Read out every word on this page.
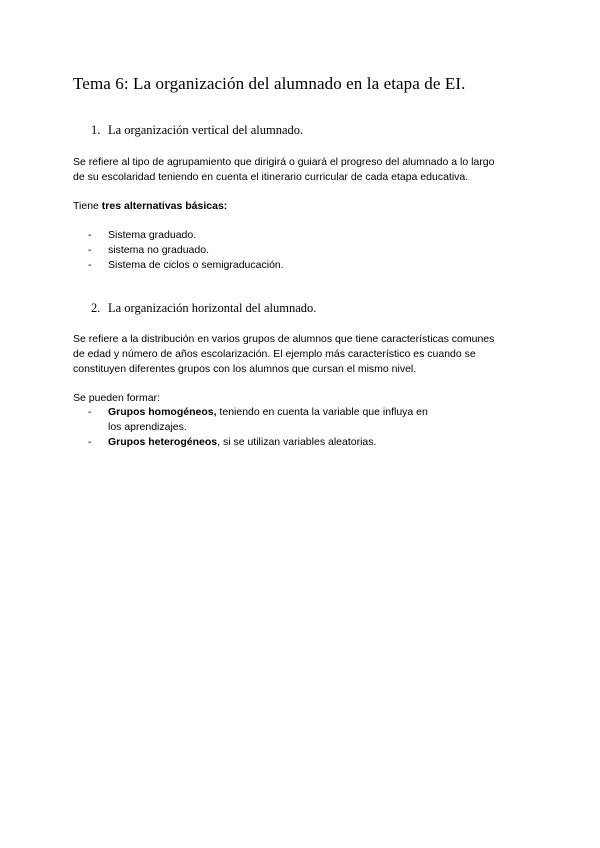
Tema 6: La organización del alumnado en la etapa de EI.
1. La organización vertical del alumnado.

Se refiere al tipo de agrupamiento que dirigirá o guiará el progreso del alumnado a lo largo

de su escolaridad teniendo en cuenta el itinerario curricular de cada etapa educativa.

Tiene tres alternativas básicas:

- Sistema graduado.
- sistema no graduado.
- Sistema de ciclos o semigraducación.
2. La organización horizontal del alumnado.

Se refiere a la distribución en varios grupos de alumnos que tiene características comunes

de edad y número de años escolarización. El ejemplo más característico es cuando se

constituyen diferentes grupos con los alumnos que cursan el mismo nivel.

Se pueden formar:

- Grupos homogéneos, teniendo en cuenta la variable que influya en los aprendizajes.
- Grupos heterogéneos, si se utilizan variables aleatorias.
